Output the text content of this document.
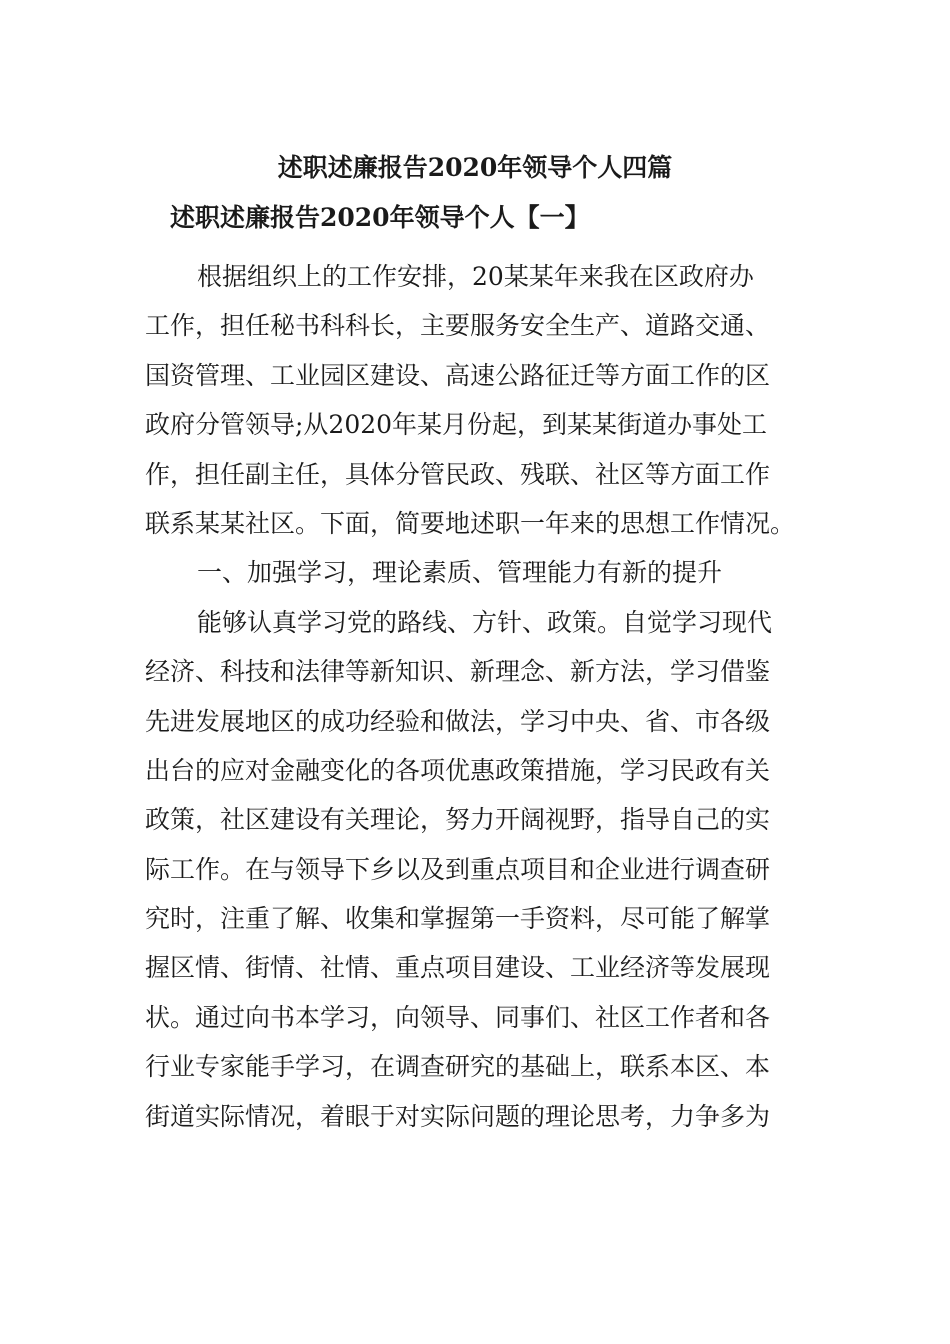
述职述廉报告2020年领导个人四篇
述职述廉报告2020年领导个人【一】
根据组织上的工作安排，20某某年来我在区政府办
工作，担任秘书科科长，主要服务安全生产、道路交通、
国资管理、工业园区建设、高速公路征迁等方面工作的区
政府分管领导;从2020年某月份起，到某某街道办事处工
作，担任副主任，具体分管民政、残联、社区等方面工作
联系某某社区。下面，简要地述职一年来的思想工作情况。
一、加强学习，理论素质、管理能力有新的提升
能够认真学习党的路线、方针、政策。自觉学习现代
经济、科技和法律等新知识、新理念、新方法，学习借鉴
先进发展地区的成功经验和做法，学习中央、省、市各级
出台的应对金融变化的各项优惠政策措施，学习民政有关
政策，社区建设有关理论，努力开阔视野，指导自己的实
际工作。在与领导下乡以及到重点项目和企业进行调查研
究时，注重了解、收集和掌握第一手资料，尽可能了解掌
握区情、街情、社情、重点项目建设、工业经济等发展现
状。通过向书本学习，向领导、同事们、社区工作者和各
行业专家能手学习，在调查研究的基础上，联系本区、本
街道实际情况，着眼于对实际问题的理论思考，力争多为
